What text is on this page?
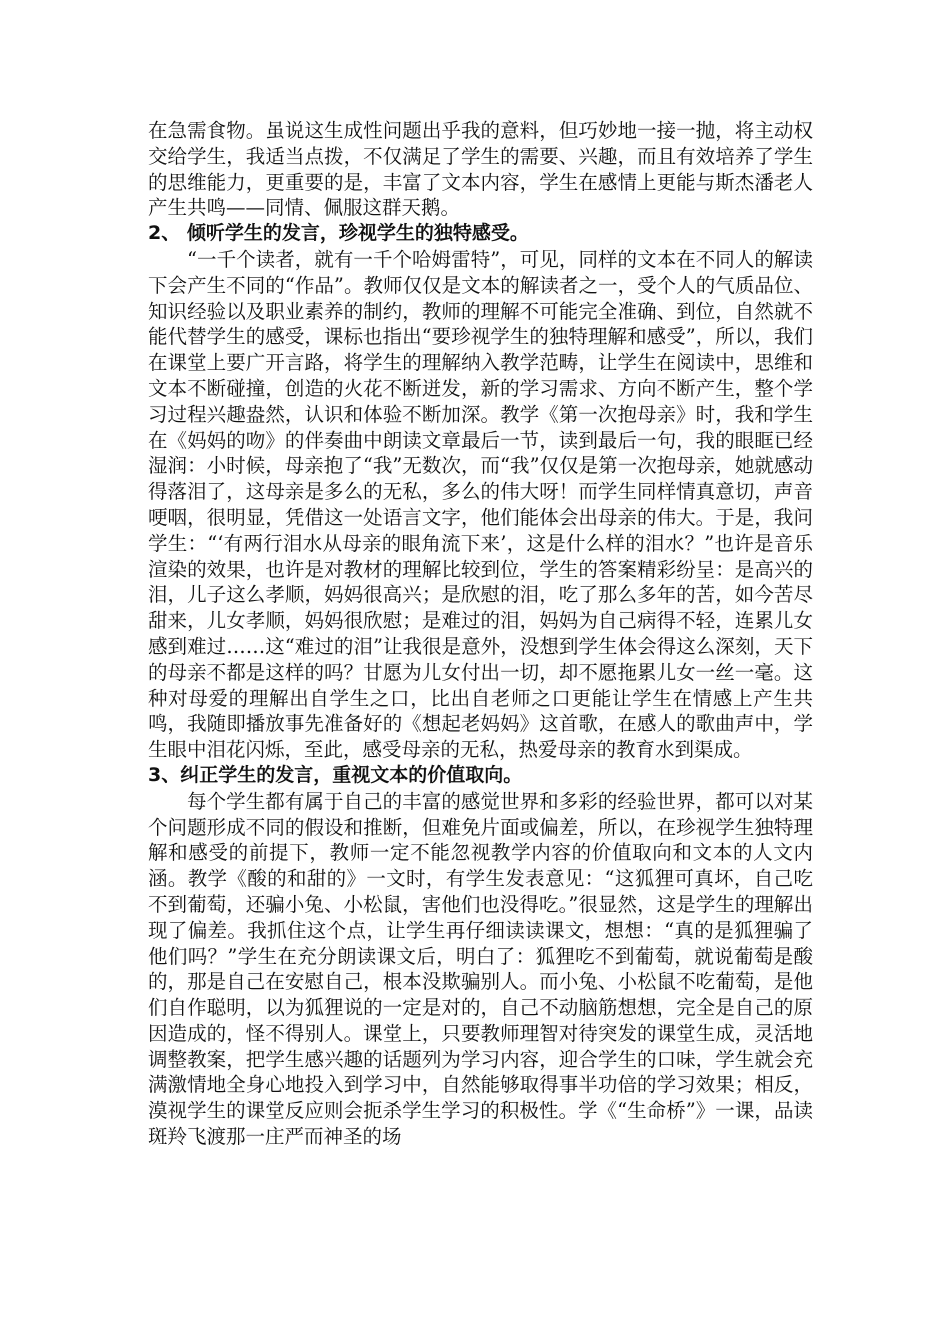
在急需食物。虽说这生成性问题出乎我的意料，但巧妙地一接一抛，将主动权交给学生，我适当点拨，不仅满足了学生的需要、兴趣，而且有效培养了学生的思维能力，更重要的是，丰富了文本内容，学生在感情上更能与斯杰潘老人产生共鸣——同情、佩服这群天鹅。

2、 倾听学生的发言，珍视学生的独特感受。

“一千个读者，就有一千个哈姆雷特”，可见，同样的文本在不同人的解读下会产生不同的“作品”。教师仅仅是文本的解读者之一，受个人的气质品位、知识经验以及职业素养的制约，教师的理解不可能完全准确、到位，自然就不能代替学生的感受，课标也指出“要珍视学生的独特理解和感受”，所以，我们在课堂上要广开言路，将学生的理解纳入教学范畴，让学生在阅读中，思维和文本不断碰撞，创造的火花不断迸发，新的学习需求、方向不断产生，整个学习过程兴趣盎然，认识和体验不断加深。教学《第一次抱母亲》时，我和学生在《妈妈的吻》的伴奏曲中朗读文章最后一节，读到最后一句，我的眼眶已经湿润：小时候，母亲抱了“我”无数次，而“我”仅仅是第一次抱母亲，她就感动得落泪了，这母亲是多么的无私，多么的伟大呀！而学生同样情真意切，声音哽咽，很明显，凭借这一处语言文字，他们能体会出母亲的伟大。于是，我问学生：“‘有两行泪水从母亲的眼角流下来’，这是什么样的泪水？”也许是音乐渲染的效果，也许是对教材的理解比较到位，学生的答案精彩纷呈：是高兴的泪，儿子这么孝顺，妈妈很高兴；是欣慰的泪，吃了那么多年的苦，如今苦尽甜来，儿女孝顺，妈妈很欣慰；是难过的泪，妈妈为自己病得不轻，连累儿女感到难过……这“难过的泪”让我很是意外，没想到学生体会得这么深刻，天下的母亲不都是这样的吗？甘愿为儿女付出一切，却不愿拖累儿女一丝一毫。这种对母爱的理解出自学生之口，比出自老师之口更能让学生在情感上产生共鸣，我随即播放事先准备好的《想起老妈妈》这首歌，在感人的歌曲声中，学生眼中泪花闪烁，至此，感受母亲的无私，热爱母亲的教育水到渠成。

3、纠正学生的发言，重视文本的价值取向。

每个学生都有属于自己的丰富的感觉世界和多彩的经验世界，都可以对某个问题形成不同的假设和推断，但难免片面或偏差，所以，在珍视学生独特理解和感受的前提下，教师一定不能忽视教学内容的价值取向和文本的人文内涵。教学《酸的和甜的》一文时，有学生发表意见：“这狐狸可真坏，自己吃不到葡萄，还骗小兔、小松鼠，害他们也没得吃。”很显然，这是学生的理解出现了偏差。我抓住这个点，让学生再仔细读读课文，想想：“真的是狐狸骗了他们吗？”学生在充分朗读课文后，明白了：狐狸吃不到葡萄，就说葡萄是酸的，那是自己在安慰自己，根本没欺骗别人。而小兔、小松鼠不吃葡萄，是他们自作聪明，以为狐狸说的一定是对的，自己不动脑筋想想，完全是自己的原因造成的，怪不得别人。课堂上，只要教师理智对待突发的课堂生成，灵活地调整教案，把学生感兴趣的话题列为学习内容，迎合学生的口味，学生就会充满激情地全身心地投入到学习中，自然能够取得事半功倍的学习效果；相反，漠视学生的课堂反应则会扼杀学生学习的积极性。学《“生命桥”》一课，品读斑羚飞渡那一庄严而神圣的场
